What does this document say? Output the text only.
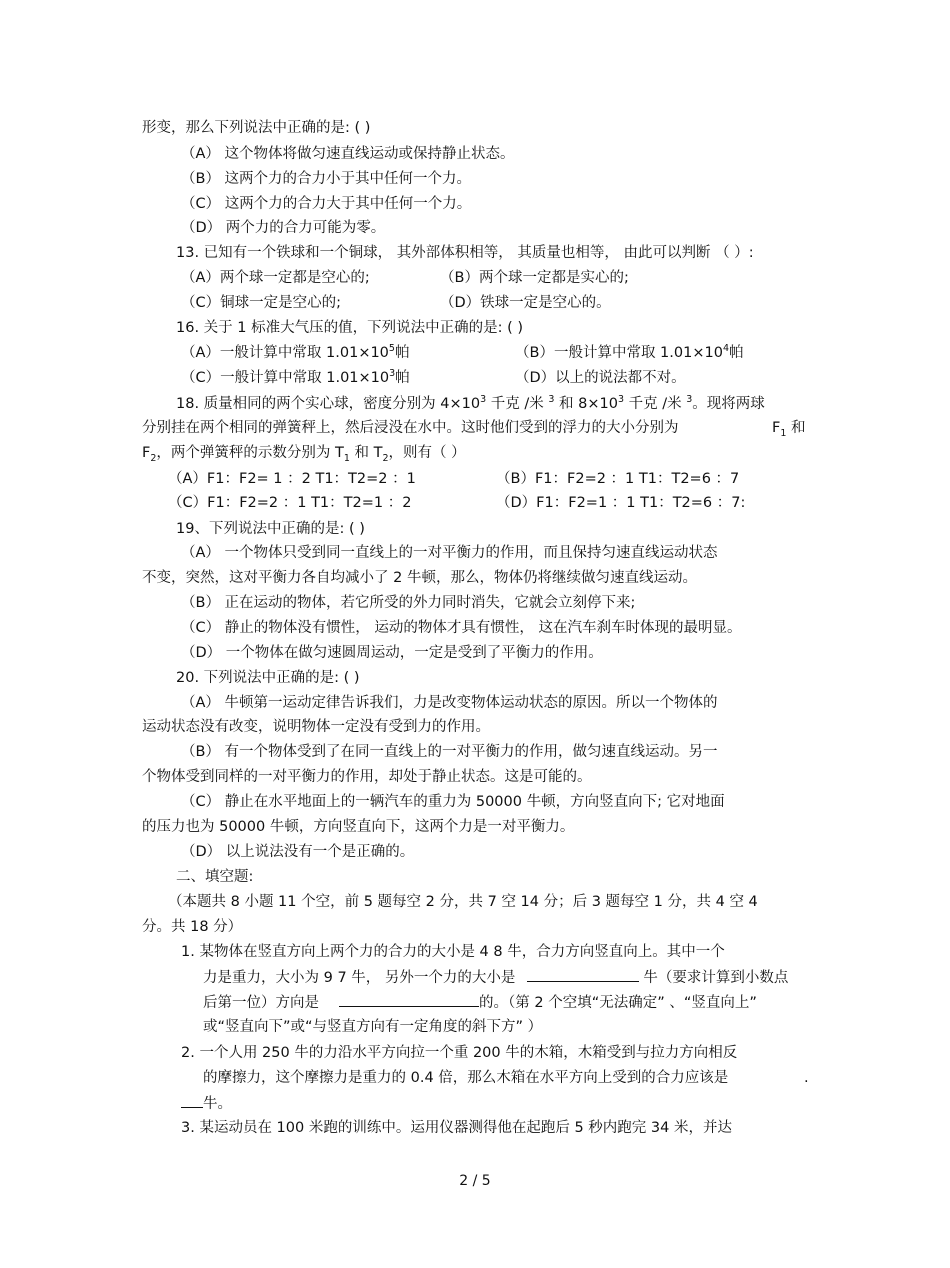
形变，那么下列说法中正确的是: ( )
（A） 这个物体将做匀速直线运动或保持静止状态。
（B） 这两个力的合力小于其中任何一个力。
（C） 这两个力的合力大于其中任何一个力。
（D） 两个力的合力可能为零。
13. 已知有一个铁球和一个铜球， 其外部体积相等， 其质量也相等， 由此可以判断 （ ）:
（A）两个球一定都是空心的;	（B）两个球一定都是实心的;
（C）铜球一定是空心的;	（D）铁球一定是空心的。
16. 关于 1 标准大气压的值，下列说法中正确的是: ( )
（A）一般计算中常取 $1.01\times 10^5$帕	（B）一般计算中常取 $1.01\times 10^4$帕
（C）一般计算中常取 $1.01\times 10^3$帕	（D）以上的说法都不对。
18. 质量相同的两个实心球，密度分别为 $4\times 10^3$ 千克 /米 $^3$ 和 $8\times 10^3$ 千克 /米 $^3$。现将两球
分别挂在两个相同的弹簧秤上，然后浸没在水中。这时他们受到的浮力的大小分别为	$F_1$ 和
$F_2$，两个弹簧秤的示数分别为 $T_1$ 和 $T_2$，则有（ ）
（A）F1：F2= 1 ：2 T1：T2=2 ：1	（B）F1：F2=2 ：1 T1：T2=6 ：7
（C）F1：F2=2 ：1 T1：T2=1 ：2	（D）F1：F2=1 ：1 T1：T2=6 ：7:
19、下列说法中正确的是: ( )
（A） 一个物体只受到同一直线上的一对平衡力的作用，而且保持匀速直线运动状态
不变，突然，这对平衡力各自均减小了 2 牛顿，那么，物体仍将继续做匀速直线运动。
（B） 正在运动的物体，若它所受的外力同时消失，它就会立刻停下来;
（C） 静止的物体没有惯性， 运动的物体才具有惯性， 这在汽车刹车时体现的最明显。
（D） 一个物体在做匀速圆周运动，一定是受到了平衡力的作用。
20. 下列说法中正确的是: ( )
（A） 牛顿第一运动定律告诉我们，力是改变物体运动状态的原因。所以一个物体的
运动状态没有改变，说明物体一定没有受到力的作用。
（B） 有一个物体受到了在同一直线上的一对平衡力的作用，做匀速直线运动。另一
个物体受到同样的一对平衡力的作用，却处于静止状态。这是可能的。
（C） 静止在水平地面上的一辆汽车的重力为 50000 牛顿，方向竖直向下; 它对地面
的压力也为 50000 牛顿，方向竖直向下，这两个力是一对平衡力。
（D） 以上说法没有一个是正确的。
二、填空题:
（本题共 8 小题 11 个空，前 5 题每空 2 分，共 7 空 14 分；后 3 题每空 1 分，共 4 空 4
分。共 18 分）
1. 某物体在竖直方向上两个力的合力的大小是 4 8 牛，合力方向竖直向上。其中一个
力是重力，大小为 9 7 牛， 另外一个力的大小是	牛（要求计算到小数点
后第一位）方向是	的。（第 2 个空填“无法确定” 、“竖直向上”
或“竖直向下”或“与竖直方向有一定角度的斜下方” ）
2. 一个人用 250 牛的力沿水平方向拉一个重 200 牛的木箱，木箱受到与拉力方向相反
的摩擦力，这个摩擦力是重力的 0.4 倍，那么木箱在水平方向上受到的合力应该是	.
牛。
3. 某运动员在 100 米跑的训练中。运用仪器测得他在起跑后 5 秒内跑完 34 米，并达
2 / 5
